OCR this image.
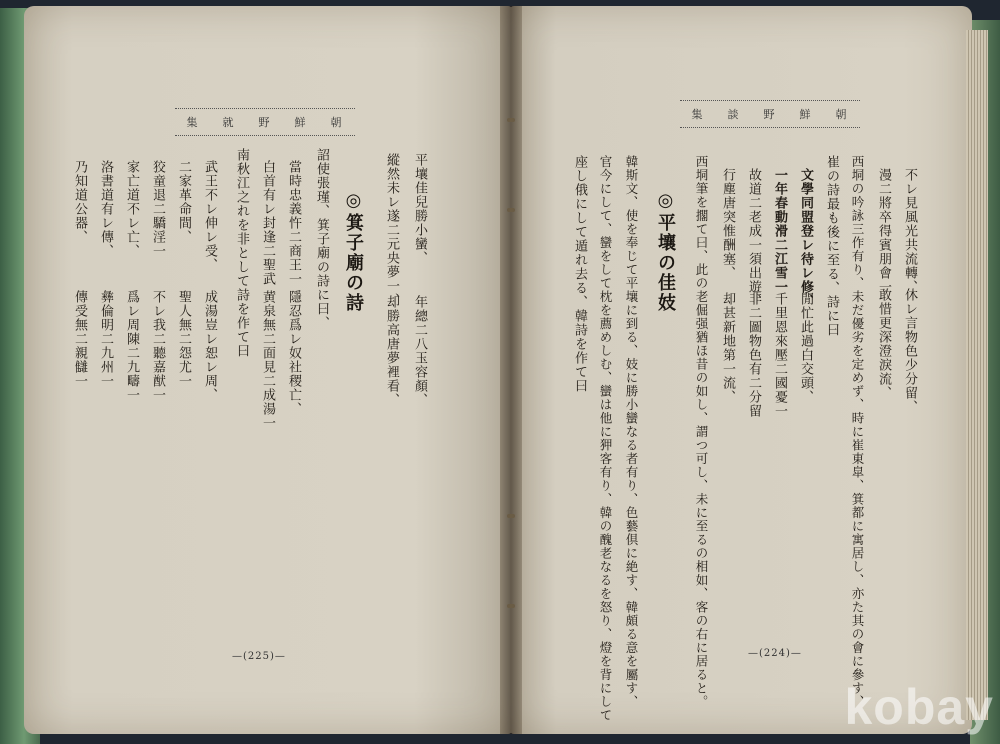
集 就 野 鮮 朝
平壤佳兒勝小蠻、
年總二八玉容顏、
縱然未レ遂二元央夢一、
却勝高唐夢裡看、
◎箕子廟の詩
詔使張瑾、箕子廟の詩に曰、
當時忠義忤二商王一
隱忍爲レ奴社稷亡、
白首有レ封逢二聖武一
黄泉無二面見二成湯一
南秋江之れを非として詩を作て曰
武王不レ伸レ受、
成湯豈レ恕レ周、
二家革命間、
聖人無二怨尤一
狡童退二驕淫一
不レ我二聽嘉猷一
家亡道不レ亡、
爲レ周陳二九疇一
洛書道有レ傳、
彝倫明二九州一
乃知道公器、
傳受無二親讎一
—(225)—
集 談 野 鮮 朝
不レ見風光共流轉、
休レ言物色少分留、
漫二將卒得賓朋會一
敢惜更深澄淚流、
西垌の吟詠三作有り、未だ優劣を定めず、時に崔東皐、箕都に寓居し、亦た其の會に參す、
崔の詩最も後に至る、詩に曰
文學同盟登レ待レ修、
閒忙此過白交頭、
一年春動滑二江雪一
千里恩來壓二國憂一
故道二老成一須出遊、
非二圖物色有二分留
行塵唐突惟酬塞、
却甚新地第一流、
西垌筆を擱て曰、此の老倔强猶ほ昔の如し、謂つ可し、未に至るの相如、客の右に居ると。
◎平壤の佳妓
韓斯文、使を奉じて平壤に到る、妓に勝小蠻なる者有り、色藝倶に絶す、韓頗る意を屬す、
官今にして、蠻をして枕を薦めしむ、蠻は他に狎客有り、韓の醜老なるを怒り、燈を背にして
座し俄にして遁れ去る、韓詩を作て曰
—(224)—
kobay
